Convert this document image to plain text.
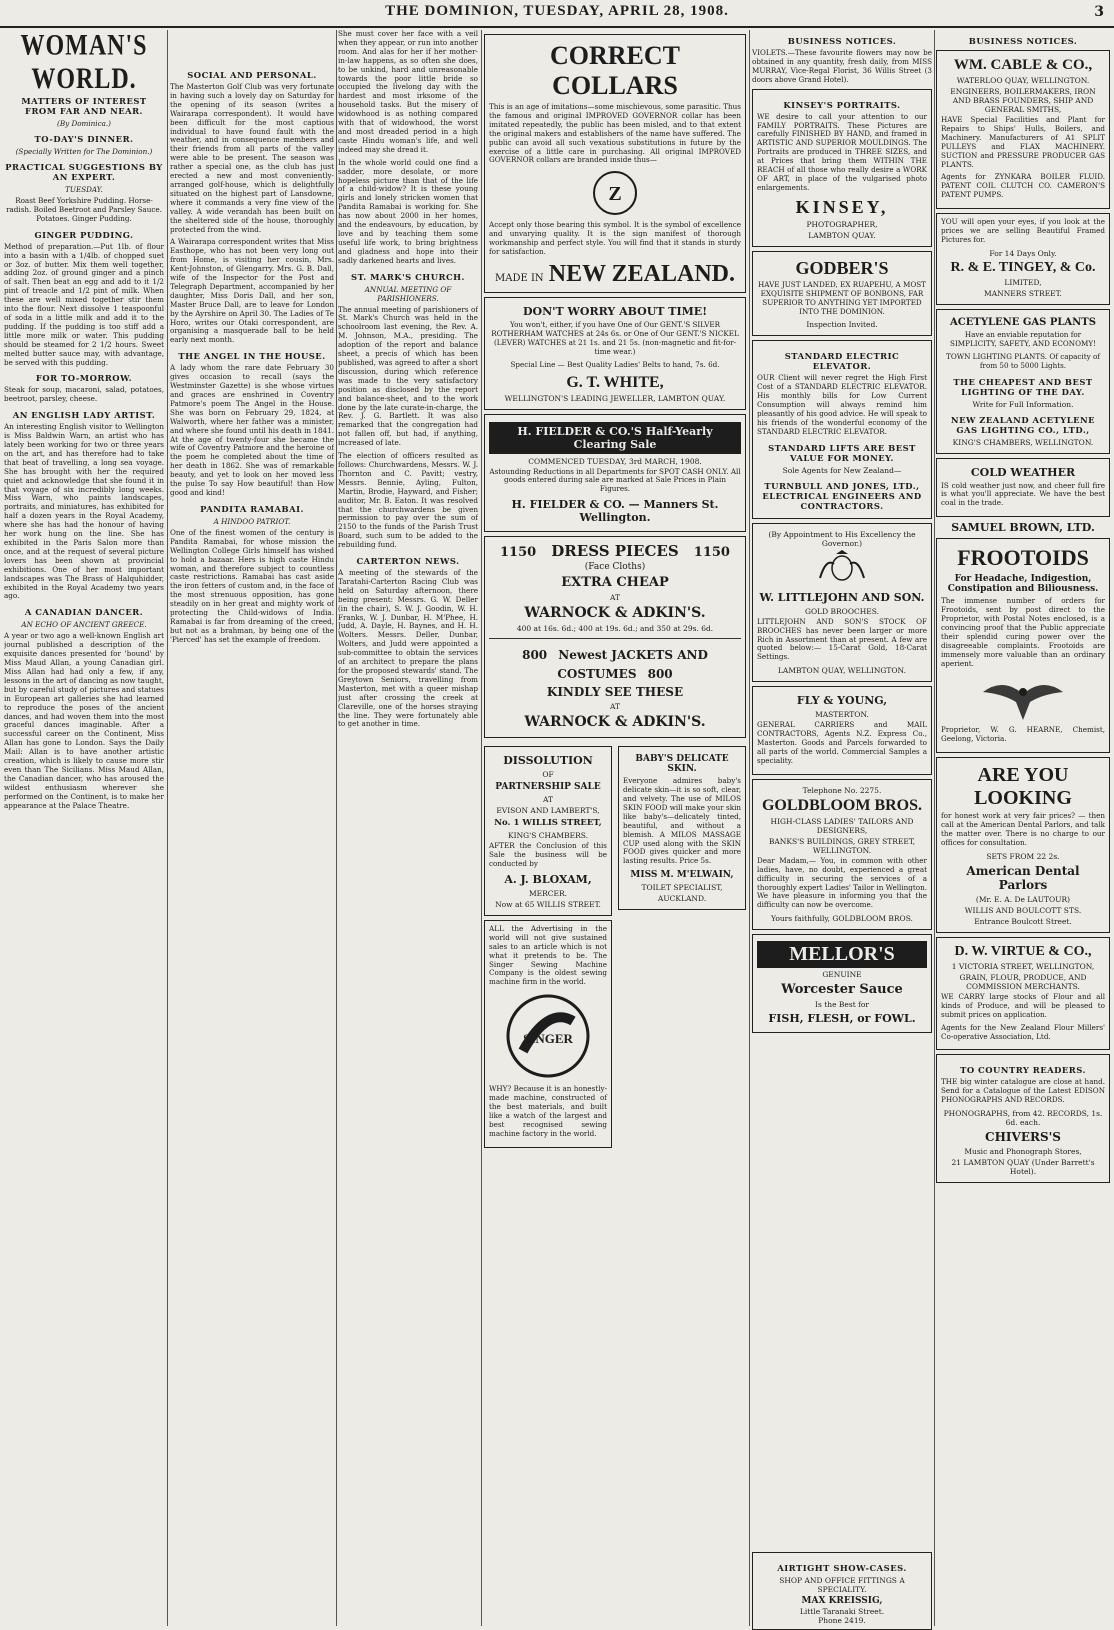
THE DOMINION, TUESDAY, APRIL 28, 1908.	3
WOMAN'S WORLD.
MATTERS OF INTEREST FROM FAR AND NEAR.
(By Dominica.)
TO-DAY'S DINNER.
(Specially Written for The Dominion.)
PRACTICAL SUGGESTIONS BY AN EXPERT.
TUESDAY.

Roast Beef Yorkshire Pudding. Horse-radish. Boiled Beetroot and Parsley Sauce. Potatoes. Ginger Pudding.

GINGER PUDDING.

Method of preparation.—Put 1lb. of flour into a basin with a 1/4lb. of chopped suet or 3oz. of butter. Mix them well together, adding 2oz. of ground ginger and a pinch of salt. Then beat an egg and add to it 1/2 pint of treacle and 1/2 pint of milk. When these are well mixed together stir them into the flour. Next dissolve 1 teaspoonful of soda in a little milk and add it to the pudding. If the pudding is too stiff add a little more milk or water. This pudding should be steamed for 2 1/2 hours. Sweet melted butter sauce may, with advantage, be served with this pudding.

FOR TO-MORROW.

Steak for soup, macaroni, salad, potatoes, beetroot, parsley, cheese.

AN ENGLISH LADY ARTIST.

An interesting English visitor to Wellington is Miss Baldwin Warn, an artist who has lately been working for two or three years on the art, and has therefore had to take that beat of travelling, a long sea voyage. She has brought with her the required quiet and acknowledge that she found it in that voyage of six incredibly long weeks. Miss Warn, who paints landscapes, portraits, and miniatures, has exhibited for half a dozen years in the Royal Academy, where she has had the honour of having her work hung on the line. She has exhibited in the Paris Salon more than once, and at the request of several picture lovers has been shown at provincial exhibitions. One of her most important landscapes was The Brass of Halquhidder, exhibited in the Royal Academy two years ago.

A CANADIAN DANCER.
AN ECHO OF ANCIENT GREECE.

A year or two ago a well-known English art journal published a description of the exquisite dances presented for 'bound' by Miss Maud Allan, a young Canadian girl. Miss Allan had had only a few, if any, lessons in the art of dancing as now taught, but by careful study of pictures and statues in European art galleries she had learned to reproduce the poses of the ancient dances, and had woven them into the most graceful dances imaginable. After a successful career on the Continent, Miss Allan has gone to London. Says the Daily Mail: Allan is to have another artistic creation, which is likely to cause more stir even than The Sicilians. Miss Maud Allan, the Canadian dancer, who has aroused the wildest enthusiasm wherever she performed on the Continent, is to make her appearance at the Palace Theatre.

SOCIAL AND PERSONAL.

The Masterton Golf Club was very fortunate in having such a lovely day on Saturday for the opening of its season (writes a Wairarapa correspondent). It would have been difficult for the most captious individual to have found fault with the weather, and in consequence members and their friends from all parts of the valley were able to be present. The season was rather a special one, as the club has just erected a new and most conveniently-arranged golf-house, which is delightfully situated on the highest part of Lansdowne, where it commands a very fine view of the valley. A wide verandah has been built on the sheltered side of the house, thoroughly protected from the wind.

A Wairarapa correspondent writes that Miss Easthope, who has not been very long out from Home, is visiting her cousin, Mrs. Kent-Johnston, of Glengarry. Mrs. G. B. Dall, wife of the Inspector for the Post and Telegraph Department, accompanied by her daughter, Miss Doris Dall, and her son, Master Bruce Dall, are to leave for London by the Ayrshire on April 30. The Ladies of Te Horo, writes our Otaki correspondent, are organising a masquerade ball to be held early next month.

THE ANGEL IN THE HOUSE.

A lady whom the rare date February 30 gives occasion to recall (says the Westminster Gazette) is she whose virtues and graces are enshrined in Coventry Patmore's poem The Angel in the House. She was born on February 29, 1824, at Walworth, where her father was a minister, and where she found until his death in 1841. At the age of twenty-four she became the wife of Coventry Patmore and the heroine of the poem he completed about the time of her death in 1862. She was of remarkable beauty, and yet to look on her moved less the pulse To say How beautiful! than How good and kind!

PANDITA RAMABAI.
A HINDOO PATRIOT.

One of the finest women of the century is Pandita Ramabai, for whose mission the Wellington College Girls himself has wished to hold a bazaar. Hers is high caste Hindu woman, and therefore subject to countless caste restrictions. Ramabai has cast aside the iron fetters of custom and, in the face of the most strenuous opposition, has gone steadily on in her great and mighty work of protecting the Child-widows of India. Ramabai is far from dreaming of the creed, but not as a brahman, by being one of the 'Pierced' has set the example of freedom.

She must cover her face with a veil when they appear, or run into another room. And alas for her if her mother-in-law happens, as so often she does, to be unkind, hard and unreasonable towards the poor little bride so occupied the livelong day with the hardest and most irksome of the household tasks. But the misery of widowhood is as nothing compared with that of widowhood, the worst and most dreaded period in a high caste Hindu woman's life, and well indeed may she dread it.

In the whole world could one find a sadder, more desolate, or more hopeless picture than that of the life of a child-widow? It is these young girls and lonely stricken women that Pandita Ramabai is working for. She has now about 2000 in her homes, and the endeavours, by education, by love and by teaching them some useful life work, to bring brightness and gladness and hope into their sadly darkened hearts and lives.

ST. MARK'S CHURCH.
ANNUAL MEETING OF PARISHIONERS.

The annual meeting of parishioners of St. Mark's Church was held in the schoolroom last evening, the Rev. A. M. Johnson, M.A., presiding. The adoption of the report and balance sheet, a precis of which has been published, was agreed to after a short discussion, during which reference was made to the very satisfactory position as disclosed by the report and balance-sheet, and to the work done by the late curate-in-charge, the Rev. J. G. Bartlett. It was also remarked that the congregation had not fallen off, but had, if anything, increased of late.

The election of officers resulted as follows: Churchwardens, Messrs. W. J. Thornton and C. Pavitt; vestry, Messrs. Bennie, Ayling, Fulton, Martin, Brodie, Hayward, and Fisher; auditor, Mr. B. Eaton. It was resolved that the churchwardens be given permission to pay over the sum of 2150 to the funds of the Parish Trust Board, such sum to be added to the rebuilding fund.

CARTERTON NEWS.

A meeting of the stewards of the Taratahi-Carterton Racing Club was held on Saturday afternoon, there being present: Messrs. G. W. Deller (in the chair), S. W. J. Goodin, W. H. Franks, W. J. Dunbar, H. M'Phee, H. Judd, A. Dayle, H. Baynes, and H. H. Wolters. Messrs. Deller, Dunbar, Wolters, and Judd were appointed a sub-committee to obtain the services of an architect to prepare the plans for the proposed stewards' stand. The Greytown Seniors, travelling from Masterton, met with a queer mishap just after crossing the creek at Clareville, one of the horses straying the line. They were fortunately able to get another in time.

CORRECT COLLARS

This is an age of imitations—some mischievous, some parasitic. Thus the famous and original IMPROVED GOVERNOR collar has been imitated repeatedly, the public has been misled, and to that extent the original makers and establishers of the name have suffered. The public can avoid all such vexatious substitutions in future by the exercise of a little care in purchasing. All original IMPROVED GOVERNOR collars are branded inside thus—

Z

Accept only those bearing this symbol. It is the symbol of excellence and unvarying quality. It is the sign manifest of thorough workmanship and perfect style. You will find that it stands in sturdy for satisfaction.

MADE IN NEW ZEALAND.
DON'T WORRY ABOUT TIME!

You won't, either, if you have One of Our GENT.'S SILVER ROTHERHAM WATCHES at 24s 6s. or One of Our GENT.'S NICKEL (LEVER) WATCHES at 21 1s. and 21 5s. (non-magnetic and fit-for-time wear.)

Special Line — Best Quality Ladies' Belts to hand, 7s. 6d.

G. T. WHITE,
WELLINGTON'S LEADING JEWELLER, LAMBTON QUAY.
H. FIELDER & CO.'S Half-Yearly Clearing Sale
COMMENCED TUESDAY, 3rd MARCH, 1908.

Astounding Reductions in all Departments for SPOT CASH ONLY. All goods entered during sale are marked at Sale Prices in Plain Figures.

H. FIELDER & CO. — Manners St. Wellington.
1150 DRESS PIECES 1150
(Face Cloths)
EXTRA CHEAP
AT
WARNOCK & ADKIN'S.
400 at 16s. 6d.; 400 at 19s. 6d.; and 350 at 29s. 6d.
800 Newest JACKETS AND COSTUMES 800
KINDLY SEE THESE
AT
WARNOCK & ADKIN'S.
DISSOLUTION
OF
PARTNERSHIP SALE
AT
EVISON AND LAMBERT'S,
No. 1 WILLIS STREET,
KING'S CHAMBERS.

AFTER the Conclusion of this Sale the business will be conducted by

A. J. BLOXAM,
MERCER.
Now at 65 WILLIS STREET.

ALL the Advertising in the world will not give sustained sales to an article which is not what it pretends to be. The Singer Sewing Machine Company is the oldest sewing machine firm in the world.

SINGER

WHY? Because it is an honestly-made machine, constructed of the best materials, and built like a watch of the largest and best recognised sewing machine factory in the world.

BABY'S DELICATE SKIN.

Everyone admires baby's delicate skin—it is so soft, clear, and velvety. The use of MILOS SKIN FOOD will make your skin like baby's—delicately tinted, beautiful, and without a blemish. A MILOS MASSAGE CUP used along with the SKIN FOOD gives quicker and more lasting results. Price 5s.

MISS M. M'ELWAIN,
TOILET SPECIALIST,
AUCKLAND.
BUSINESS NOTICES.

VIOLETS.—These favourite flowers may now be obtained in any quantity, fresh daily, from MISS MURRAY, Vice-Regal Florist, 36 Willis Street (3 doors above Grand Hotel).

KINSEY'S PORTRAITS.

WE desire to call your attention to our FAMILY PORTRAITS. These Pictures are carefully FINISHED BY HAND, and framed in ARTISTIC AND SUPERIOR MOULDINGS. The Portraits are produced in THREE SIZES, and at Prices that bring them WITHIN THE REACH of all those who really desire a WORK OF ART, in place of the vulgarised photo enlargements.

KINSEY,
PHOTOGRAPHER,
LAMBTON QUAY.
GODBER'S

HAVE JUST LANDED, EX RUAPEHU, A MOST EXQUISITE SHIPMENT OF BONBONS, FAR SUPERIOR TO ANYTHING YET IMPORTED INTO THE DOMINION.

Inspection Invited.
STANDARD ELECTRIC ELEVATOR.

OUR Client will never regret the High First Cost of a STANDARD ELECTRIC ELEVATOR. His monthly bills for Low Current Consumption will always remind him pleasantly of his good advice. He will speak to his friends of the wonderful economy of the STANDARD ELECTRIC ELEVATOR.

STANDARD LIFTS ARE BEST VALUE FOR MONEY.
Sole Agents for New Zealand—
TURNBULL AND JONES, LTD., ELECTRICAL ENGINEERS AND CONTRACTORS.
(By Appointment to His Excellency the Governor.)
W. LITTLEJOHN AND SON.
GOLD BROOCHES.

LITTLEJOHN AND SON'S STOCK OF BROOCHES has never been larger or more Rich in Assortment than at present. A few are quoted below:— 15-Carat Gold, 18-Carat Settings.

LAMBTON QUAY, WELLINGTON.
FLY & YOUNG,
MASTERTON.

GENERAL CARRIERS and MAIL CONTRACTORS, Agents N.Z. Express Co., Masterton. Goods and Parcels forwarded to all parts of the world. Commercial Samples a speciality.

Telephone No. 2275.
GOLDBLOOM BROS.
HIGH-CLASS LADIES' TAILORS AND DESIGNERS,
BANKS'S BUILDINGS, GREY STREET, WELLINGTON.

Dear Madam,— You, in common with other ladies, have, no doubt, experienced a great difficulty in securing the services of a thoroughly expert Ladies' Tailor in Wellington. We have pleasure in informing you that the difficulty can now be overcome.

Yours faithfully, GOLDBLOOM BROS.
MELLOR'S
GENUINE
Worcester Sauce
Is the Best for
FISH, FLESH, or FOWL.
BUSINESS NOTICES.
WM. CABLE & CO.,
WATERLOO QUAY, WELLINGTON.
ENGINEERS, BOILERMAKERS, IRON AND BRASS FOUNDERS, SHIP AND GENERAL SMITHS,

HAVE Special Facilities and Plant for Repairs to Ships' Hulls, Boilers, and Machinery. Manufacturers of A1 SPLIT PULLEYS and FLAX MACHINERY. SUCTION and PRESSURE PRODUCER GAS PLANTS.

Agents for ZYNKARA BOILER FLUID. PATENT COIL CLUTCH CO. CAMERON'S PATENT PUMPS.

YOU will open your eyes, if you look at the prices we are selling Beautiful Framed Pictures for.

For 14 Days Only.
R. & E. TINGEY, & Co.
LIMITED,
MANNERS STREET.
ACETYLENE GAS PLANTS

Have an enviable reputation for SIMPLICITY, SAFETY, AND ECONOMY!

TOWN LIGHTING PLANTS. Of capacity of from 50 to 5000 Lights.

THE CHEAPEST AND BEST LIGHTING OF THE DAY.
Write for Full Information.
NEW ZEALAND ACETYLENE GAS LIGHTING CO., LTD.,
KING'S CHAMBERS, WELLINGTON.
COLD WEATHER

IS cold weather just now, and cheer full fire is what you'll appreciate. We have the best coal in the trade.

SAMUEL BROWN, LTD.
FROOTOIDS
For Headache, Indigestion, Constipation and Biliousness.

The immense number of orders for Frootoids, sent by post direct to the Proprietor, with Postal Notes enclosed, is a convincing proof that the Public appreciate their splendid curing power over the disagreeable complaints. Frootoids are immensely more valuable than an ordinary aperient.

Proprietor, W. G. HEARNE, Chemist, Geelong, Victoria.

ARE YOU LOOKING

for honest work at very fair prices? — then call at the American Dental Parlors, and talk the matter over. There is no charge to our offices for consultation.

SETS FROM 22 2s.
American Dental Parlors
(Mr. E. A. De LAUTOUR)
WILLIS AND BOULCOTT STS.
Entrance Boulcott Street.
D. W. VIRTUE & CO.,
1 VICTORIA STREET, WELLINGTON,
GRAIN, FLOUR, PRODUCE, AND COMMISSION MERCHANTS.

WE CARRY large stocks of Flour and all kinds of Produce, and will be pleased to submit prices on application.

Agents for the New Zealand Flour Millers' Co-operative Association, Ltd.

TO COUNTRY READERS.

THE big winter catalogue are close at hand. Send for a Catalogue of the Latest EDISON PHONOGRAPHS AND RECORDS.

PHONOGRAPHS, from 42. RECORDS, 1s. 6d. each.
CHIVERS'S
Music and Phonograph Stores,
21 LAMBTON QUAY (Under Barrett's Hotel).
AIRTIGHT SHOW-CASES.
SHOP AND OFFICE FITTINGS A SPECIALITY.
MAX KREISSIG,
Little Taranaki Street.
Phone 2419.
